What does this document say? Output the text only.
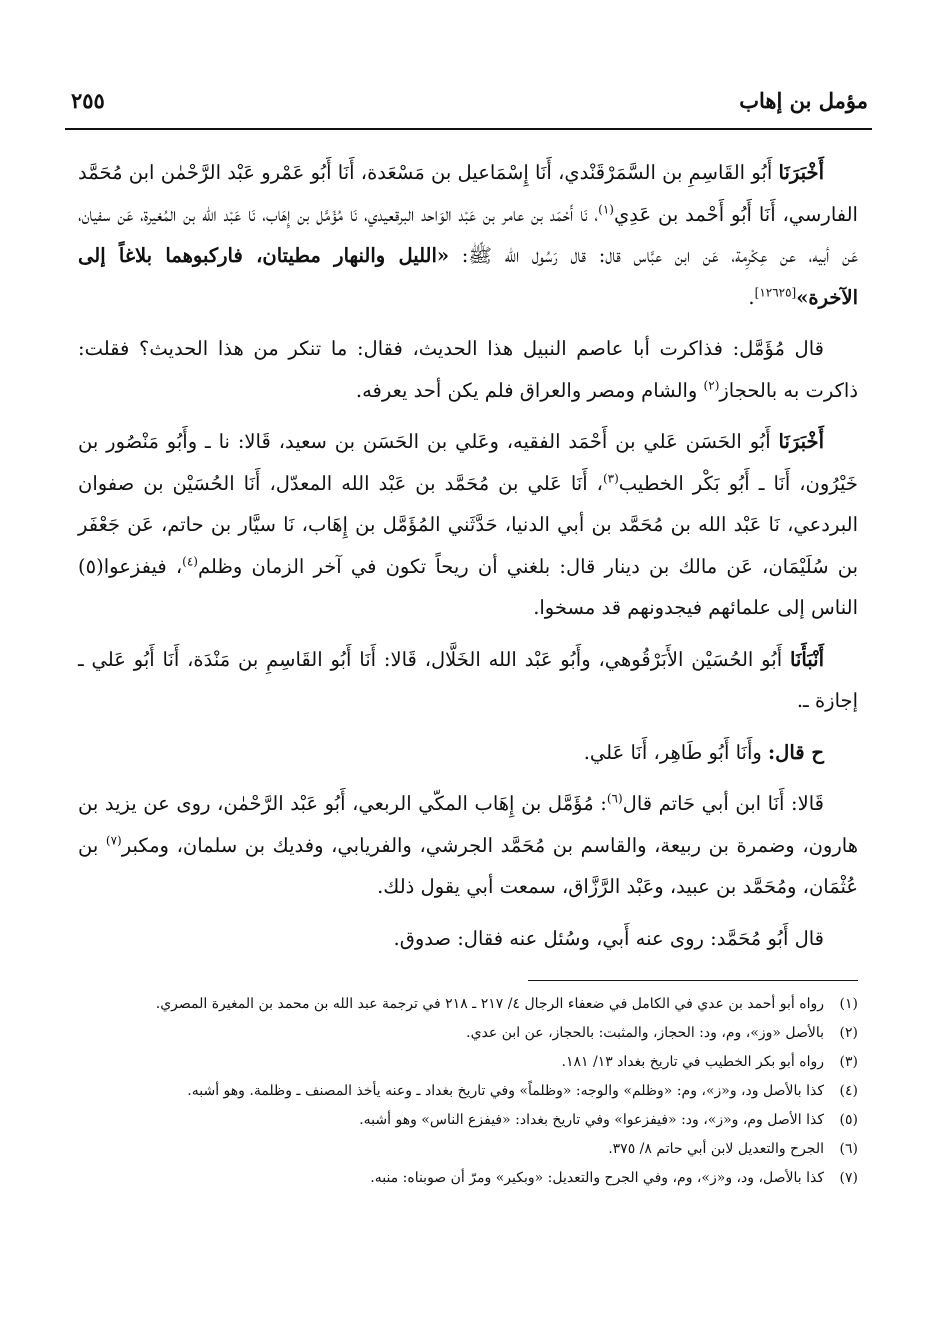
مؤمل بن إهاب
٢٥٥

أَخْبَرَنَا أَبُو القَاسِمِ بن السَّمَرْقَنْدي، أَنَا إِسْمَاعيل بن مَسْعَدة، أَنَا أَبُو عَمْرو عَبْد الرَّحْمٰن ابن مُحَمَّد الفارسي، أَنَا أَبُو أَحْمد بن عَدِي$^{(١)}$، نَا أَحْمَد بن عامر بن عَبْد الوَاحد البرقعيدي، نَا مُؤَمَّل بن إِهَاب، نَا عَبْد الله بن المُغيرة، عَن سفيان، عَن أبيه، عن عِكْرِمة، عَن ابن عبَّاس قال: قال رَسُول الله ﷺ: «الليل والنهار مطيتان، فاركبوهما بلاغاً إلى الآخرة»[١٢٦٢٥].

قال مُؤَمَّل: فذاكرت أبا عاصم النبيل هذا الحديث، فقال: ما تنكر من هذا الحديث؟ فقلت: ذاكرت به بالحجاز$^{(٢)}$ والشام ومصر والعراق فلم يكن أحد يعرفه.

أَخْبَرَنَا أَبُو الحَسَن عَلي بن أَحْمَد الفقيه، وعَلي بن الحَسَن بن سعيد، قَالا: نا ـ وأَبُو مَنْصُور بن خَيْرُون، أَنَا ـ أَبُو بَكْر الخطيب$^{(٣)}$، أَنَا عَلي بن مُحَمَّد بن عَبْد الله المعدّل، أَنَا الحُسَيْن بن صفوان البردعي، نَا عَبْد الله بن مُحَمَّد بن أبي الدنيا، حَدَّثَني المُؤَمَّل بن إِهَاب، نَا سيَّار بن حاتم، عَن جَعْفَر بن سُلَيْمَان، عَن مالك بن دينار قال: بلغني أن ريحاً تكون في آخر الزمان وظلم$^{(٤)}$، فيفزعوا(٥) الناس إلى علمائهم فيجدونهم قد مسخوا.

أَنْبَأَنَا أَبُو الحُسَيْن الأَبَرْقُوهي، وأَبُو عَبْد الله الخَلَّال، قَالا: أَنَا أَبُو القَاسِمِ بن مَنْدَة، أَنَا أَبُو عَلي ـ إجازة ـ.

ح قال: وأَنَا أَبُو طَاهِر، أَنَا عَلي.

قَالا: أَنَا ابن أبي حَاتم قال$^{(٦)}$: مُؤَمَّل بن إِهَاب المكّي الربعي، أَبُو عَبْد الرَّحْمٰن، روى عن يزيد بن هارون، وضمرة بن ربيعة، والقاسم بن مُحَمَّد الجرشي، والفريابي، وفديك بن سلمان، ومكبر$^{(٧)}$ بن عُثْمَان، ومُحَمَّد بن عبيد، وعَبْد الرَّزَّاق، سمعت أبي يقول ذلك.

قال أَبُو مُحَمَّد: روى عنه أَبي، وسُئل عنه فقال: صدوق.

(١)
رواه أبو أحمد بن عدي في الكامل في ضعفاء الرجال ٤/ ٢١٧ ـ ٢١٨ في ترجمة عبد الله بن محمد بن المغيرة المصري.
(٢)
بالأصل «وز»، وم، ود: الحجاز، والمثبت: بالحجاز، عن ابن عدي.
(٣)
رواه أبو بكر الخطيب في تاريخ بغداد ١٣/ ١٨١.
(٤)
كذا بالأصل ود، و«ز»، وم: «وظلم» والوجه: «وظلماً» وفي تاريخ بغداد ـ وعنه يأخذ المصنف ـ وظلمة. وهو أشبه.
(٥)
كذا الأصل وم، و«ز»، ود: «فيفزعوا» وفي تاريخ بغداد: «فيفزع الناس» وهو أشبه.
(٦)
الجرح والتعديل لابن أبي حاتم ٨/ ٣٧٥.
(٧)
كذا بالأصل، ود، و«ز»، وم، وفي الجرح والتعديل: «وبكير» ومرّ أن صوبناه: منبه.
